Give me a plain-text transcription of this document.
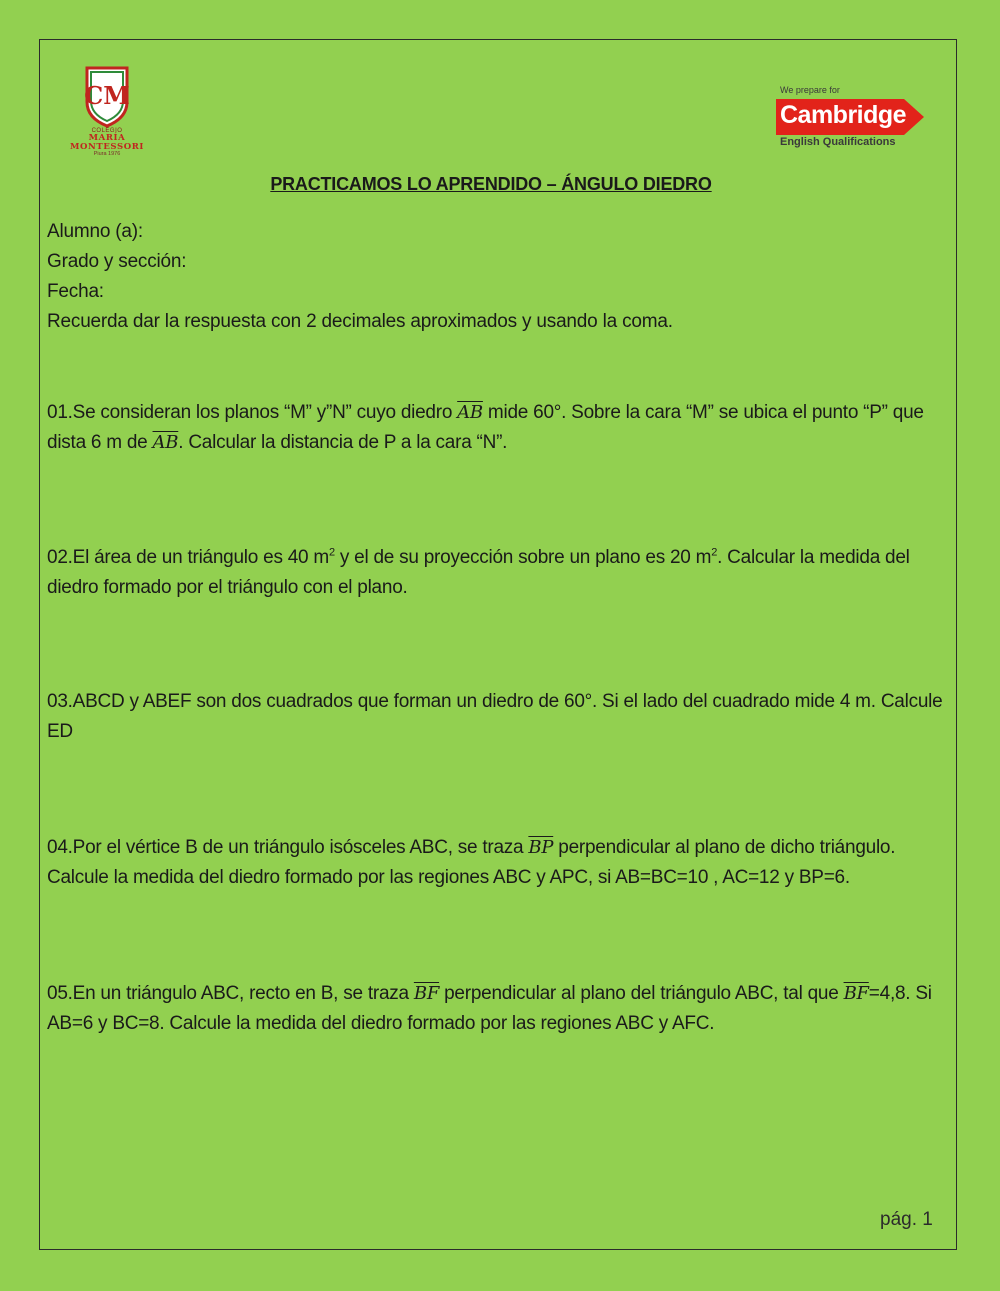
CM
COLEGIO
MARÍA
MONTESSORI
Piura 1976
We prepare for
Cambridge
English Qualifications
PRACTICAMOS LO APRENDIDO – ÁNGULO DIEDRO
Alumno (a):
Grado y sección:
Fecha:
Recuerda dar la respuesta con 2 decimales aproximados y usando la coma.
01.Se consideran los planos “M” y”N” cuyo diedro $\overline{AB}$ mide 60°. Sobre la cara “M” se ubica el punto “P” que dista 6 m de $\overline{AB}$. Calcular la distancia de P a la cara “N”.
02.El área de un triángulo es 40 $m^2$ y el de su proyección sobre un plano es 20 $m^2$. Calcular la medida del diedro formado por el triángulo con el plano.
03.ABCD y ABEF son dos cuadrados que forman un diedro de 60°. Si el lado del cuadrado mide 4 m. Calcule ED
04.Por el vértice B de un triángulo isósceles ABC, se traza $\overline{BP}$ perpendicular al plano de dicho triángulo. Calcule la medida del diedro formado por las regiones ABC y APC, si AB=BC=10 , AC=12 y BP=6.
05.En un triángulo ABC, recto en B, se traza $\overline{BF}$ perpendicular al plano del triángulo ABC, tal que $\overline{BF}=4,8$. Si AB=6 y BC=8. Calcule la medida del diedro formado por las regiones ABC y AFC.
pág. 1
